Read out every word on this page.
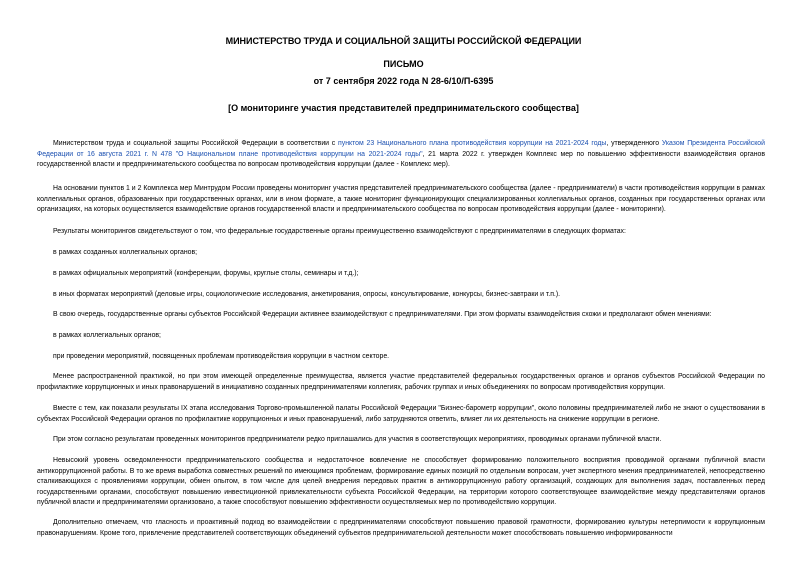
МИНИСТЕРСТВО ТРУДА И СОЦИАЛЬНОЙ ЗАЩИТЫ РОССИЙСКОЙ ФЕДЕРАЦИИ
ПИСЬМО
от 7 сентября 2022 года N 28-6/10/П-6395
[О мониторинге участия представителей предпринимательского сообщества]

Министерством труда и социальной защиты Российской Федерации в соответствии с пунктом 23 Национального плана противодействия коррупции на 2021-2024 годы, утвержденного Указом Президента Российской Федерации от 16 августа 2021 г. N 478 "О Национальном плане противодействия коррупции на 2021-2024 годы", 21 марта 2022 г. утвержден Комплекс мер по повышению эффективности взаимодействия органов государственной власти и предпринимательского сообщества по вопросам противодействия коррупции (далее - Комплекс мер).

На основании пунктов 1 и 2 Комплекса мер Минтрудом России проведены мониторинг участия представителей предпринимательского сообщества (далее - предприниматели) в части противодействия коррупции в рамках коллегиальных органов, образованных при государственных органах, или в ином формате, а также мониторинг функционирующих специализированных коллегиальных органов, созданных при государственных органах или организациях, на которых осуществляется взаимодействие органов государственной власти и предпринимательского сообщества по вопросам противодействия коррупции (далее - мониторинги).

Результаты мониторингов свидетельствуют о том, что федеральные государственные органы преимущественно взаимодействуют с предпринимателями в следующих форматах:

в рамках созданных коллегиальных органов;

в рамках официальных мероприятий (конференции, форумы, круглые столы, семинары и т.д.);

в иных форматах мероприятий (деловые игры, социологические исследования, анкетирования, опросы, консультирование, конкурсы, бизнес-завтраки и т.п.).

В свою очередь, государственные органы субъектов Российской Федерации активнее взаимодействуют с предпринимателями. При этом форматы взаимодействия схожи и предполагают обмен мнениями:

в рамках коллегиальных органов;

при проведении мероприятий, посвященных проблемам противодействия коррупции в частном секторе.

Менее распространенной практикой, но при этом имеющей определенные преимущества, является участие представителей федеральных государственных органов и органов субъектов Российской Федерации по профилактике коррупционных и иных правонарушений в инициативно созданных предпринимателями коллегиях, рабочих группах и иных объединениях по вопросам противодействия коррупции.

Вместе с тем, как показали результаты IX этапа исследования Торгово-промышленной палаты Российской Федерации "Бизнес-барометр коррупции", около половины предпринимателей либо не знают о существовании в субъектах Российской Федерации органов по профилактике коррупционных и иных правонарушений, либо затрудняются ответить, влияет ли их деятельность на снижение коррупции в регионе.

При этом согласно результатам проведенных мониторингов предприниматели редко приглашались для участия в соответствующих мероприятиях, проводимых органами публичной власти.

Невысокий уровень осведомленности предпринимательского сообщества и недостаточное вовлечение не способствует формированию положительного восприятия проводимой органами публичной власти антикоррупционной работы. В то же время выработка совместных решений по имеющимся проблемам, формирование единых позиций по отдельным вопросам, учет экспертного мнения предпринимателей, непосредственно сталкивающихся с проявлениями коррупции, обмен опытом, в том числе для целей внедрения передовых практик в антикоррупционную работу организаций, создающих для выполнения задач, поставленных перед государственными органами, способствуют повышению инвестиционной привлекательности субъекта Российской Федерации, на территории которого соответствующее взаимодействие между представителями органов публичной власти и предпринимателями организовано, а также способствуют повышению эффективности осуществляемых мер по противодействию коррупции.

Дополнительно отмечаем, что гласность и проактивный подход во взаимодействии с предпринимателями способствуют повышению правовой грамотности, формированию культуры нетерпимости к коррупционным правонарушениям. Кроме того, привлечение представителей соответствующих объединений субъектов предпринимательской деятельности может способствовать повышению информированности
